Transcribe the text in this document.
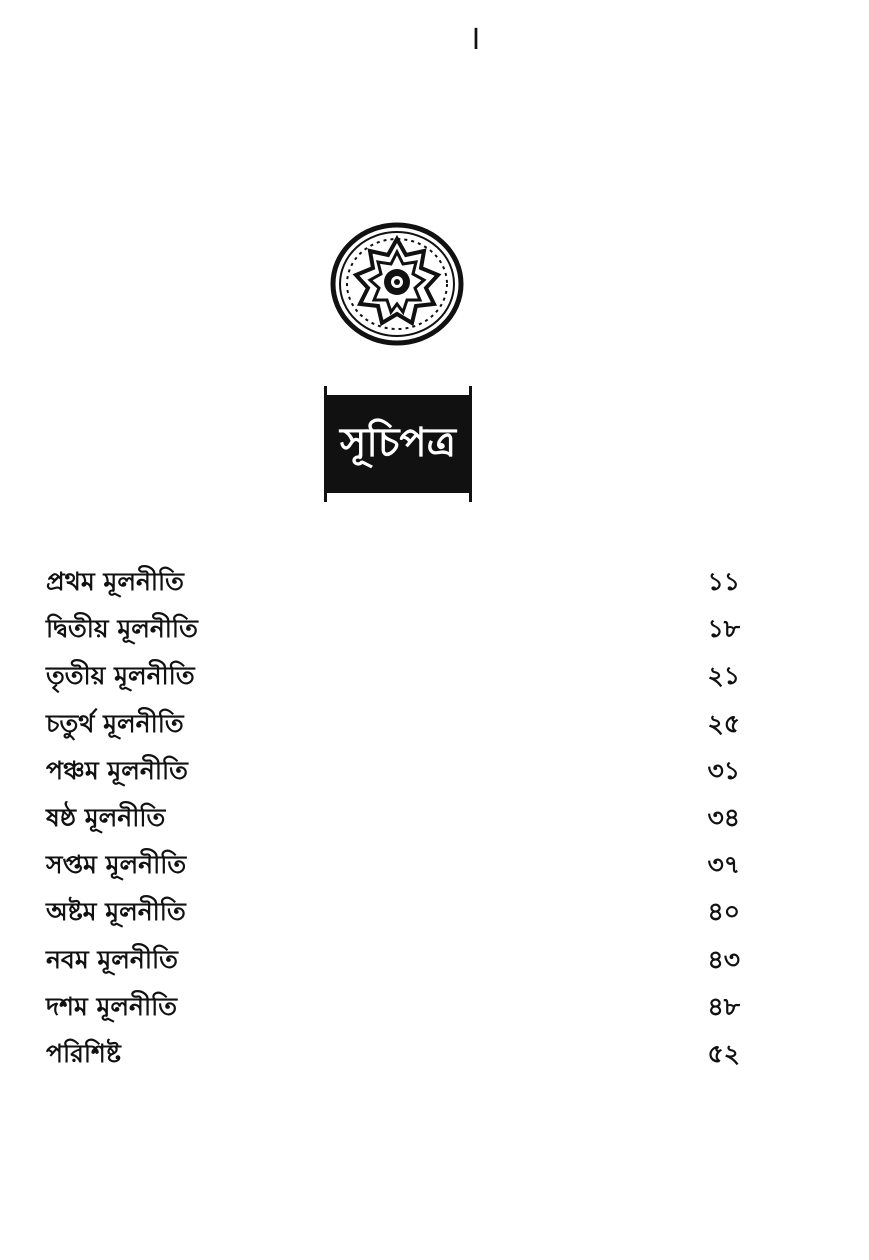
।
সূচিপত্র
প্রথম মূলনীতি	১১
দ্বিতীয় মূলনীতি	১৮
তৃতীয় মূলনীতি	২১
চতুর্থ মূলনীতি	২৫
পঞ্চম মূলনীতি	৩১
ষষ্ঠ মূলনীতি	৩৪
সপ্তম মূলনীতি	৩৭
অষ্টম মূলনীতি	৪০
নবম মূলনীতি	৪৩
দশম মূলনীতি	৪৮
পরিশিষ্ট	৫২
